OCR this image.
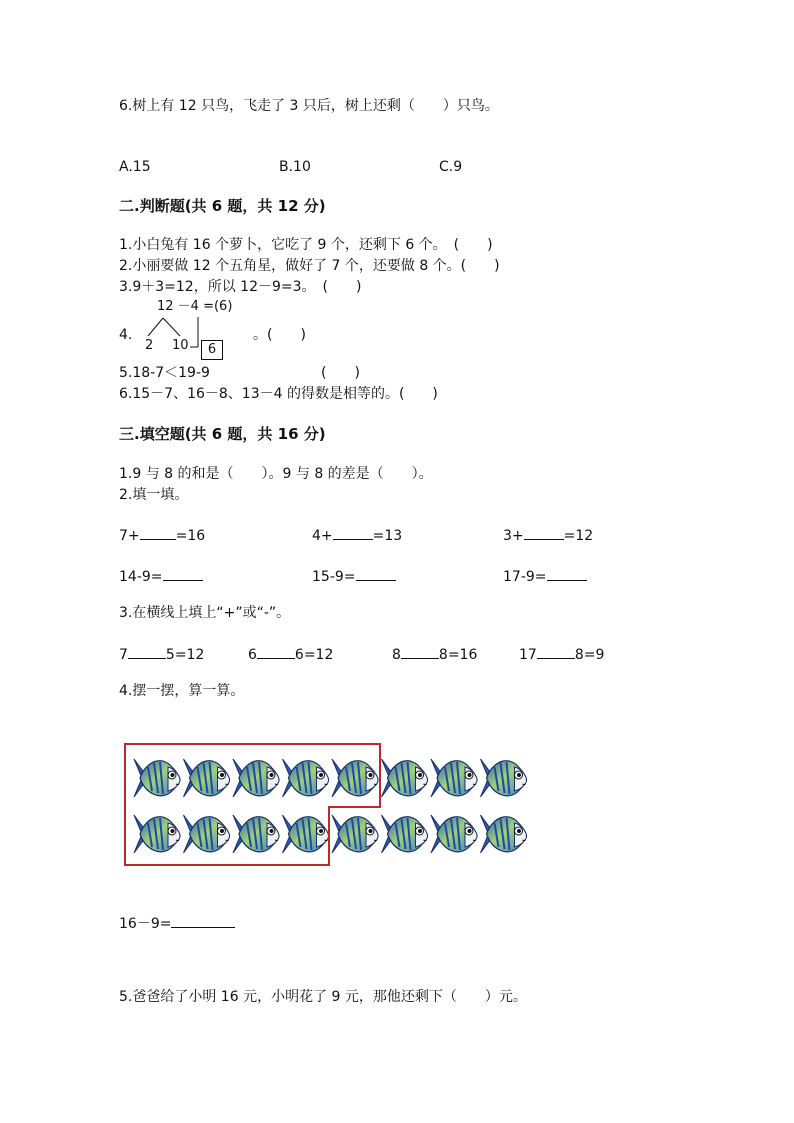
6.树上有 12 只鸟，飞走了 3 只后，树上还剩（　　）只鸟。
A.15	B.10	C.9
二.判断题(共 6 题，共 12 分)
1.小白兔有 16 个萝卜，它吃了 9 个，还剩下 6 个。　(　　)
2.小丽要做 12 个五角星，做好了 7 个，还要做 8 个。(　　)
3.9＋3=12，所以 12－9=3。　(　　)
4.
12 －4 =(6)
2 10	6
。(　　)
5.18-7＜19-9	(　　)
6.15－7、16－8、13－4 的得数是相等的。(　　)
三.填空题(共 6 题，共 16 分)
1.9 与 8 的和是（　　）。9 与 8 的差是（　　）。
2.填一填。
7+	=16	4+	=13	3+	=12
14-9=	15-9=	17-9=
3.在横线上填上“+”或“-”。
7	5=12	6	6=12	8	8=16	17	8=9
4.摆一摆，算一算。
16－9=
5.爸爸给了小明 16 元，小明花了 9 元，那他还剩下（　　）元。
